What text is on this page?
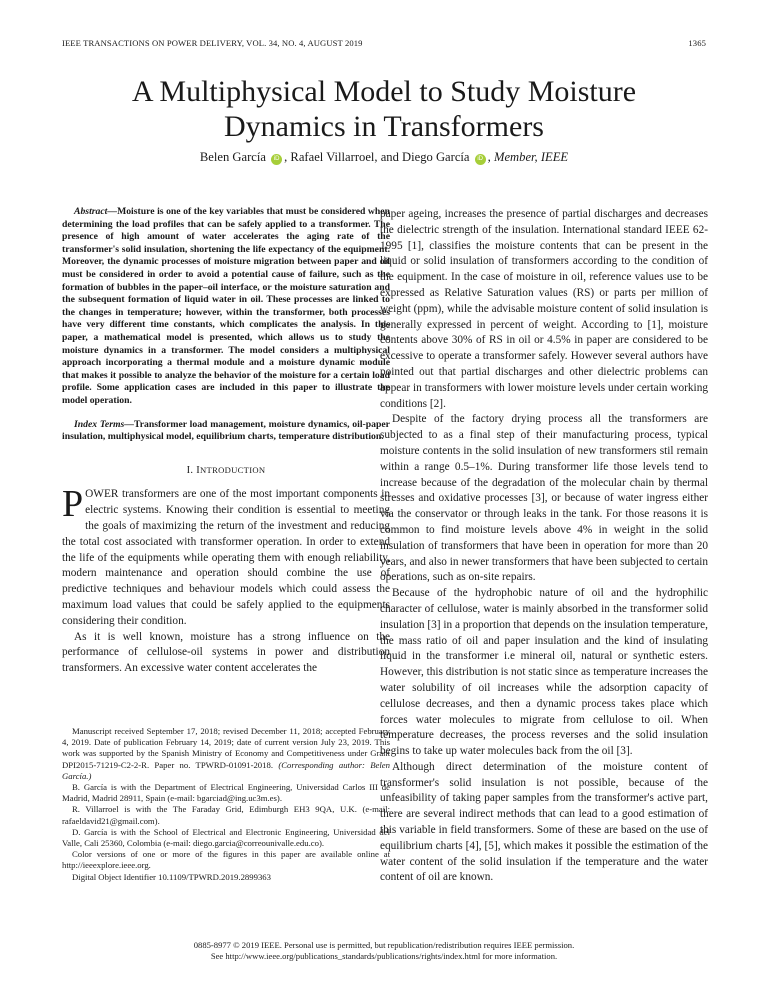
IEEE TRANSACTIONS ON POWER DELIVERY, VOL. 34, NO. 4, AUGUST 2019	1365
A Multiphysical Model to Study Moisture
Dynamics in Transformers
Belen García iD , Rafael Villarroel, and Diego García iD , Member, IEEE

Abstract—Moisture is one of the key variables that must be considered when determining the load profiles that can be safely applied to a transformer. The presence of high amount of water accelerates the aging rate of the transformer's solid insulation, shortening the life expectancy of the equipment. Moreover, the dynamic processes of moisture migration between paper and oil must be considered in order to avoid a potential cause of failure, such as the formation of bubbles in the paper–oil interface, or the moisture saturation and the subsequent formation of liquid water in oil. These processes are linked to the changes in temperature; however, within the transformer, both processes have very different time constants, which complicates the analysis. In this paper, a mathematical model is presented, which allows us to study the moisture dynamics in a transformer. The model considers a multiphysical approach incorporating a thermal module and a moisture dynamic module that makes it possible to analyze the behavior of the moisture for a certain load profile. Some application cases are included in this paper to illustrate the model operation.

Index Terms—Transformer load management, moisture dynamics, oil-paper insulation, multiphysical model, equilibrium charts, temperature distribution.

I. INTRODUCTION

POWER transformers are one of the most important components in electric systems. Knowing their condition is essential to meeting the goals of maximizing the return of the investment and reducing the total cost associated with transformer operation. In order to extend the life of the equipments while operating them with enough reliability, modern maintenance and operation should combine the use of predictive techniques and behaviour models which could assess the maximum load values that could be safely applied to the equipments considering their condition.

As it is well known, moisture has a strong influence on the performance of cellulose-oil systems in power and distribution transformers. An excessive water content accelerates the

Manuscript received September 17, 2018; revised December 11, 2018; accepted February 4, 2019. Date of publication February 14, 2019; date of current version July 23, 2019. This work was supported by the Spanish Ministry of Economy and Competitiveness under Grant DPI2015-71219-C2-2-R. Paper no. TPWRD-01091-2018. (Corresponding author: Belen García.)

B. García is with the Department of Electrical Engineering, Universidad Carlos III de Madrid, Madrid 28911, Spain (e-mail: bgarciad@ing.uc3m.es).

R. Villarroel is with the The Faraday Grid, Edimburgh EH3 9QA, U.K. (e-mail: rafaeldavid21@gmail.com).

D. García is with the School of Electrical and Electronic Engineering, Universidad del Valle, Cali 25360, Colombia (e-mail: diego.garcia@correounivalle.edu.co).

Color versions of one or more of the figures in this paper are available online at http://ieeexplore.ieee.org.

Digital Object Identifier 10.1109/TPWRD.2019.2899363

paper ageing, increases the presence of partial discharges and decreases the dielectric strength of the insulation. International standard IEEE 62-1995 [1], classifies the moisture contents that can be present in the liquid or solid insulation of transformers according to the condition of the equipment. In the case of moisture in oil, reference values use to be expressed as Relative Saturation values (RS) or parts per million of weight (ppm), while the advisable moisture content of solid insulation is generally expressed in percent of weight. According to [1], moisture contents above 30% of RS in oil or 4.5% in paper are considered to be excessive to operate a transformer safely. However several authors have pointed out that partial discharges and other dielectric problems can appear in transformers with lower moisture levels under certain working conditions [2].

Despite of the factory drying process all the transformers are subjected to as a final step of their manufacturing process, typical moisture contents in the solid insulation of new transformers stil remain within a range 0.5–1%. During transformer life those levels tend to increase because of the degradation of the molecular chain by thermal stresses and oxidative processes [3], or because of water ingress either via the conservator or through leaks in the tank. For those reasons it is common to find moisture levels above 4% in weight in the solid insulation of transformers that have been in operation for more than 20 years, and also in newer transformers that have been subjected to certain operations, such as on-site repairs.

Because of the hydrophobic nature of oil and the hydrophilic character of cellulose, water is mainly absorbed in the transformer solid insulation [3] in a proportion that depends on the insulation temperature, the mass ratio of oil and paper insulation and the kind of insulating liquid in the transformer i.e mineral oil, natural or synthetic esters. However, this distribution is not static since as temperature increases the water solubility of oil increases while the adsorption capacity of cellulose decreases, and then a dynamic process takes place which forces water molecules to migrate from cellulose to oil. When temperature decreases, the process reverses and the solid insulation begins to take up water molecules back from the oil [3].

Although direct determination of the moisture content of transformer's solid insulation is not possible, because of the unfeasibility of taking paper samples from the transformer's active part, there are several indirect methods that can lead to a good estimation of this variable in field transformers. Some of these are based on the use of equilibrium charts [4], [5], which makes it possible the estimation of the water content of the solid insulation if the temperature and the water content of oil are known.

0885-8977 © 2019 IEEE. Personal use is permitted, but republication/redistribution requires IEEE permission.
See http://www.ieee.org/publications_standards/publications/rights/index.html for more information.
